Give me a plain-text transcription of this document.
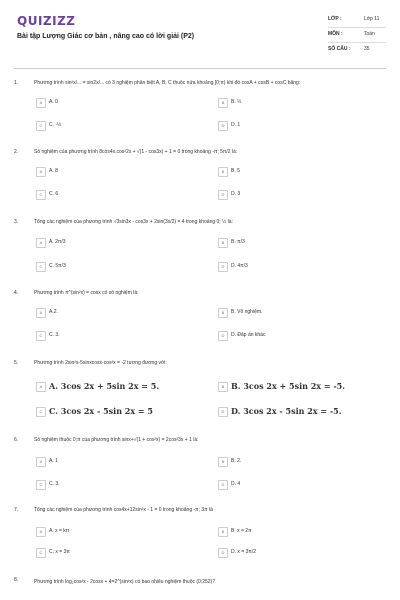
QUIZIZZ
Bài tập Lượng Giác cơ bản , nâng cao có lời giải (P2)
LỚP :	Lớp 11
MÔN :	Toán
SỐ CÂU :	35
1.	Phương trình sin²x/... = sin2x/... có 3 nghiệm phân biệt A, B, C thuộc nửa khoảng [0;π) khi đó cosA + cosB + cosC bằng:
A	A. 0	B	B. ½
C	C. -½	D	D. 1
2.	Số nghiệm của phương trình 8cos4x.cos²2x + √(1 - cos3x) + 1 = 0 trong khoảng -π; 5π/2 là:
A	A. 8	B	B. 5
C	C. 6	D	D. 3
3.	Tổng các nghiệm của phương trình √3sin3x - cos3x + 2sin(3x/2) = 4 trong khoảng 0; ½ là:
A	A. 2π/3	B	B. π/3
C	C. 5π/3	D	D. 4π/3
4.	Phương trình π^(sin²x) = cosx có số nghiệm là:
A	A.2.	B	B. Vô nghiệm.
C	C. 3.	D	D. Đáp án khác
5.	Phương trình 2sin²x-5sinxcosx-cos²x = -2 tương đương với:
A A. 3cos 2x + 5sin 2x = 5.	B B. 3cos 2x + 5sin 2x = -5.
C C. 3cos 2x - 5sin 2x = 5	D D. 3cos 2x - 5sin 2x = -5.
6.	Số nghiệm thuộc 0;π của phương trình sinx+√(1 + cos²x) = 2cos²3x + 1 là:
A	A. 1	B	B. 2.
C	C. 3.	D	D. 4
7.	Tổng các nghiệm của phương trình cos4x+12sin²x - 1 = 0 trong khoảng -π; 3π là
A	A. x = kπ	B	B. x = 2π
C	C. x = 3π	D	D. x = 3π/2
8.	Phương trình log₂cos²x - 2cosx + 4=2^(sin²x) có bao nhiêu nghiệm thuộc (0;252)?
